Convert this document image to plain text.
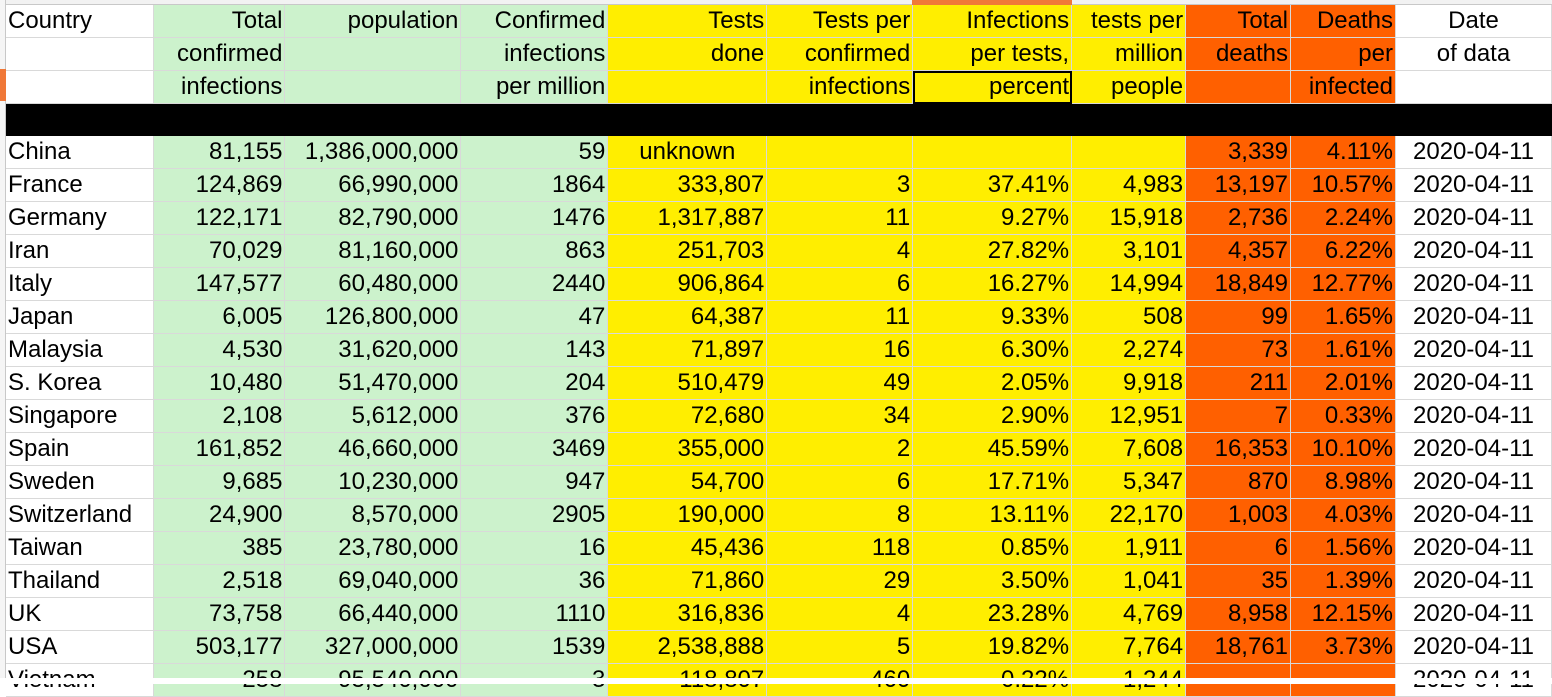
Country	Total	population	Confirmed	Tests	Tests per	Infections	tests per	Total	Deaths	Date
	confirmed		infections	done	confirmed	per tests,	million	deaths	per	of data
	infections		per million		infections	percent	people		infected	

China	81,155	1,386,000,000	59	unknown				3,339	4.11%	2020-04-11
France	124,869	66,990,000	1864	333,807	3	37.41%	4,983	13,197	10.57%	2020-04-11
Germany	122,171	82,790,000	1476	1,317,887	11	9.27%	15,918	2,736	2.24%	2020-04-11
Iran	70,029	81,160,000	863	251,703	4	27.82%	3,101	4,357	6.22%	2020-04-11
Italy	147,577	60,480,000	2440	906,864	6	16.27%	14,994	18,849	12.77%	2020-04-11
Japan	6,005	126,800,000	47	64,387	11	9.33%	508	99	1.65%	2020-04-11
Malaysia	4,530	31,620,000	143	71,897	16	6.30%	2,274	73	1.61%	2020-04-11
S. Korea	10,480	51,470,000	204	510,479	49	2.05%	9,918	211	2.01%	2020-04-11
Singapore	2,108	5,612,000	376	72,680	34	2.90%	12,951	7	0.33%	2020-04-11
Spain	161,852	46,660,000	3469	355,000	2	45.59%	7,608	16,353	10.10%	2020-04-11
Sweden	9,685	10,230,000	947	54,700	6	17.71%	5,347	870	8.98%	2020-04-11
Switzerland	24,900	8,570,000	2905	190,000	8	13.11%	22,170	1,003	4.03%	2020-04-11
Taiwan	385	23,780,000	16	45,436	118	0.85%	1,911	6	1.56%	2020-04-11
Thailand	2,518	69,040,000	36	71,860	29	3.50%	1,041	35	1.39%	2020-04-11
UK	73,758	66,440,000	1110	316,836	4	23.28%	4,769	8,958	12.15%	2020-04-11
USA	503,177	327,000,000	1539	2,538,888	5	19.82%	7,764	18,761	3.73%	2020-04-11
